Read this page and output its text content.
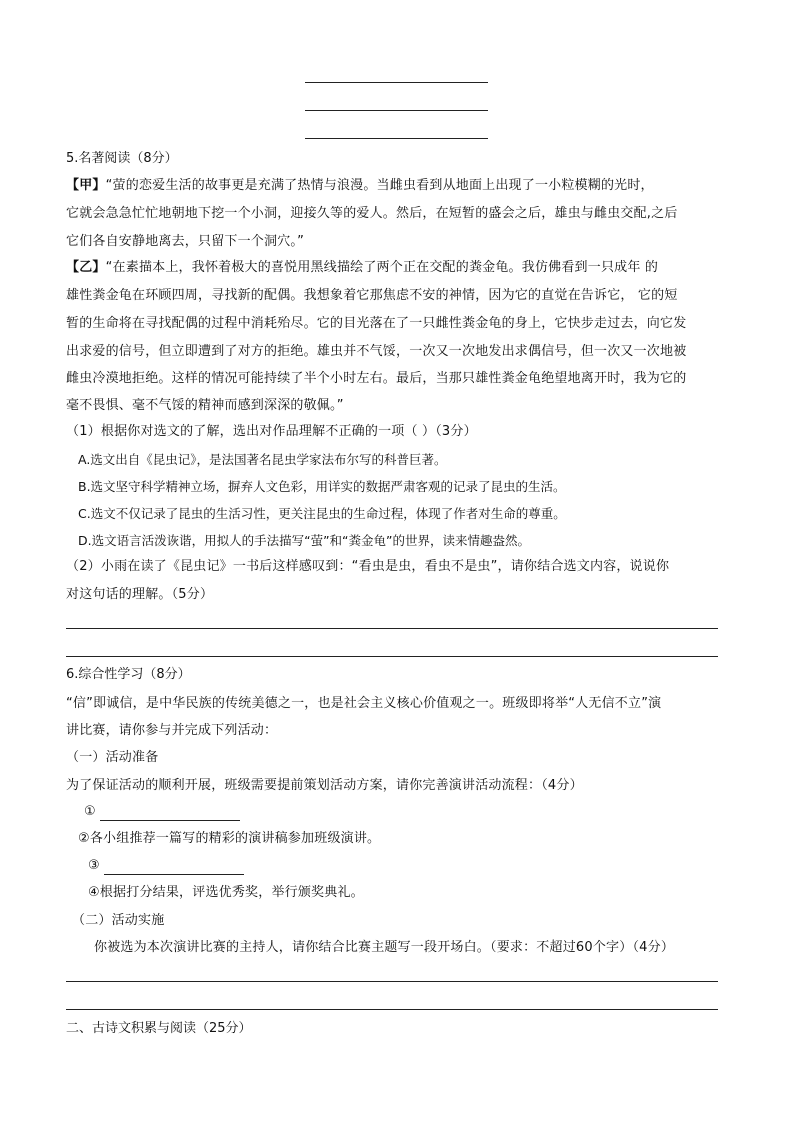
5.名著阅读（8分）
【甲】“萤的恋爱生活的故事更是充满了热情与浪漫。当雌虫看到从地面上出现了一小粒模糊的光时，
它就会急急忙忙地朝地下挖一个小洞，迎接久等的爱人。然后，在短暂的盛会之后，雄虫与雌虫交配,之后
它们各自安静地离去，只留下一个洞穴。”
【乙】“在素描本上，我怀着极大的喜悦用黑线描绘了两个正在交配的粪金龟。我仿佛看到一只成年 的
雄性粪金龟在环顾四周，寻找新的配偶。我想象着它那焦虑不安的神情，因为它的直觉在告诉它， 它的短
暂的生命将在寻找配偶的过程中消耗殆尽。它的目光落在了一只雌性粪金龟的身上，它快步走过去，向它发
出求爱的信号，但立即遭到了对方的拒绝。雄虫并不气馁，一次又一次地发出求偶信号，但一次又一次地被
雌虫冷漠地拒绝。这样的情况可能持续了半个小时左右。最后，当那只雄性粪金龟绝望地离开时，我为它的
毫不畏惧、毫不气馁的精神而感到深深的敬佩。”
（1）根据你对选文的了解，选出对作品理解不正确的一项（ ）（3分）
A.选文出自《昆虫记》，是法国著名昆虫学家法布尔写的科普巨著。
B.选文坚守科学精神立场，摒弃人文色彩，用详实的数据严肃客观的记录了昆虫的生活。
C.选文不仅记录了昆虫的生活习性，更关注昆虫的生命过程，体现了作者对生命的尊重。
D.选文语言活泼诙谐，用拟人的手法描写“萤”和“粪金龟”的世界，读来情趣盎然。
（2）小雨在读了《昆虫记》一书后这样感叹到：“看虫是虫，看虫不是虫”，请你结合选文内容，说说你
对这句话的理解。（5分）
6.综合性学习（8分）
“信”即诚信，是中华民族的传统美德之一，也是社会主义核心价值观之一。班级即将举“人无信不立”演
讲比赛，请你参与并完成下列活动：
（一）活动准备
为了保证活动的顺利开展，班级需要提前策划活动方案，请你完善演讲活动流程：（4分）
①
②各小组推荐一篇写的精彩的演讲稿参加班级演讲。
③
④根据打分结果，评选优秀奖，举行颁奖典礼。
（二）活动实施
你被选为本次演讲比赛的主持人，请你结合比赛主题写一段开场白。（要求：不超过60个字）（4分）
二、古诗文积累与阅读（25分）
